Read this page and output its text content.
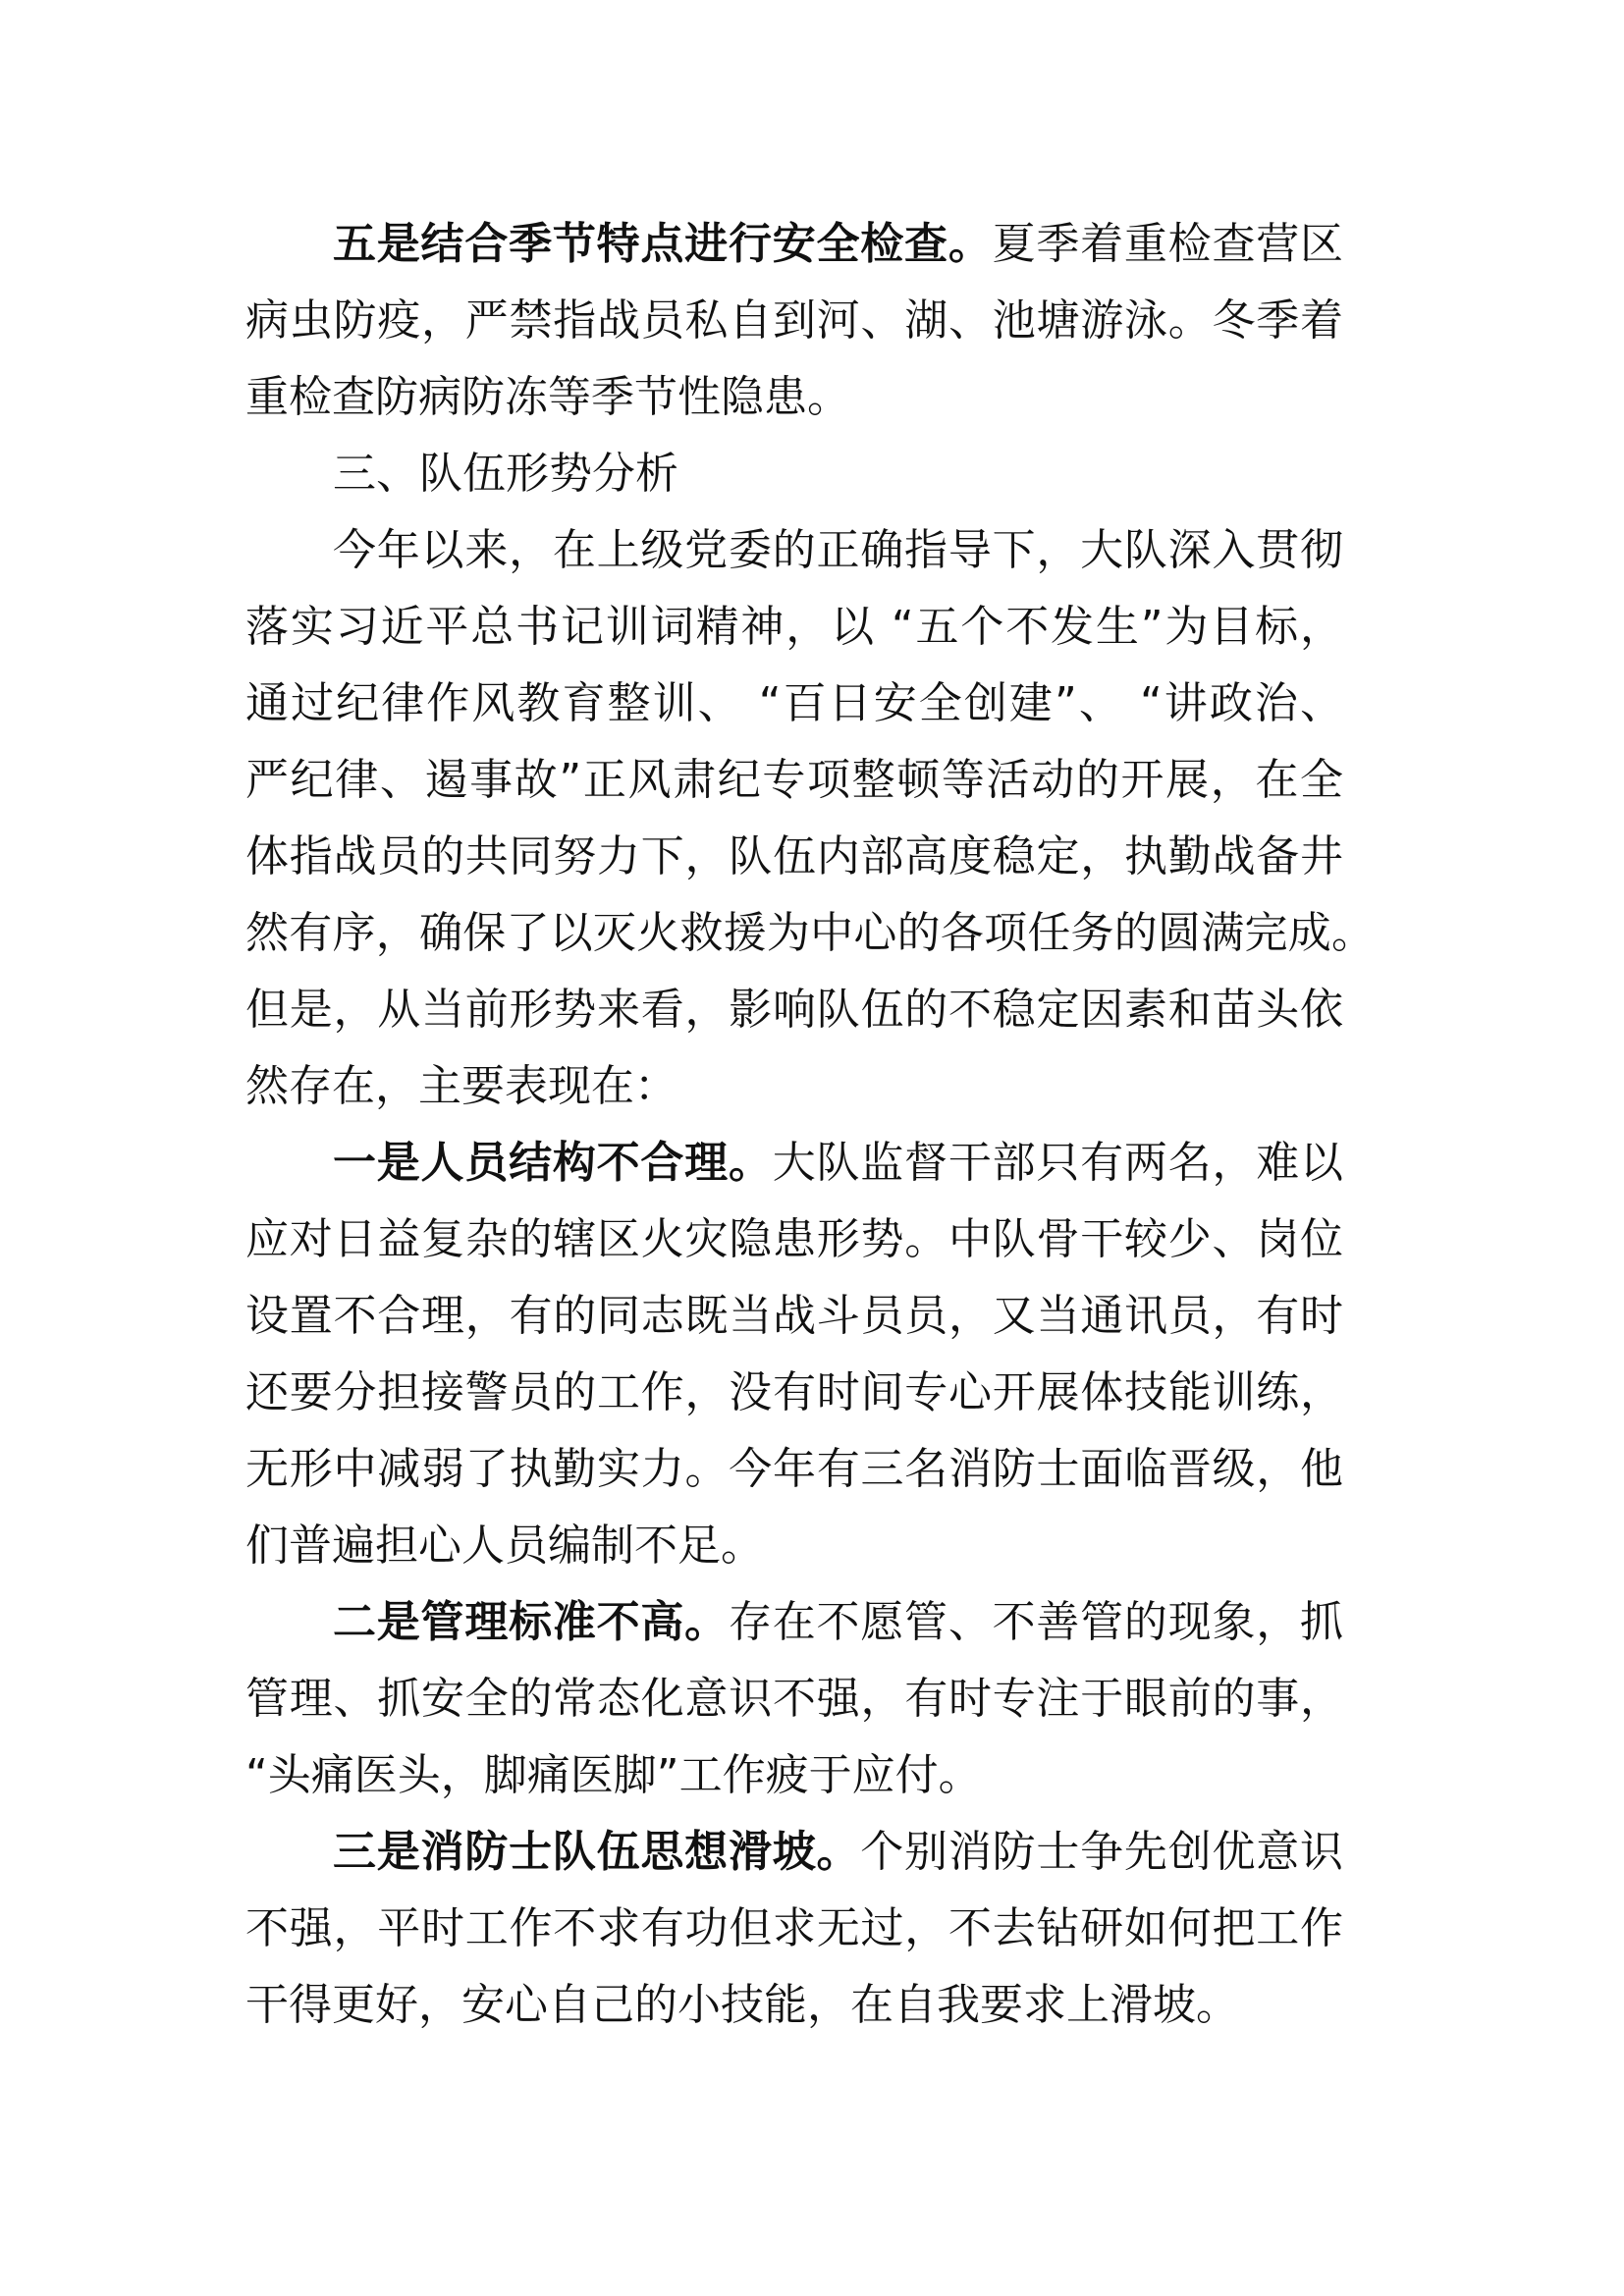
五是结合季节特点进行安全检查。夏季着重检查营区
病虫防疫，严禁指战员私自到河、湖、池塘游泳。冬季着
重检查防病防冻等季节性隐患。
三、队伍形势分析
今年以来，在上级党委的正确指导下，大队深入贯彻
落实习近平总书记训词精神，以 “五个不发生”为目标，
通过纪律作风教育整训、 “百日安全创建”、 “讲政治、
严纪律、遏事故”正风肃纪专项整顿等活动的开展，在全
体指战员的共同努力下，队伍内部高度稳定，执勤战备井
然有序，确保了以灭火救援为中心的各项任务的圆满完成。
但是，从当前形势来看，影响队伍的不稳定因素和苗头依
然存在，主要表现在：
一是人员结构不合理。大队监督干部只有两名，难以
应对日益复杂的辖区火灾隐患形势。中队骨干较少、岗位
设置不合理，有的同志既当战斗员员，又当通讯员，有时
还要分担接警员的工作，没有时间专心开展体技能训练，
无形中减弱了执勤实力。今年有三名消防士面临晋级，他
们普遍担心人员编制不足。
二是管理标准不高。存在不愿管、不善管的现象，抓
管理、抓安全的常态化意识不强，有时专注于眼前的事，
“头痛医头，脚痛医脚”工作疲于应付。
三是消防士队伍思想滑坡。个别消防士争先创优意识
不强，平时工作不求有功但求无过，不去钻研如何把工作
干得更好，安心自己的小技能，在自我要求上滑坡。
